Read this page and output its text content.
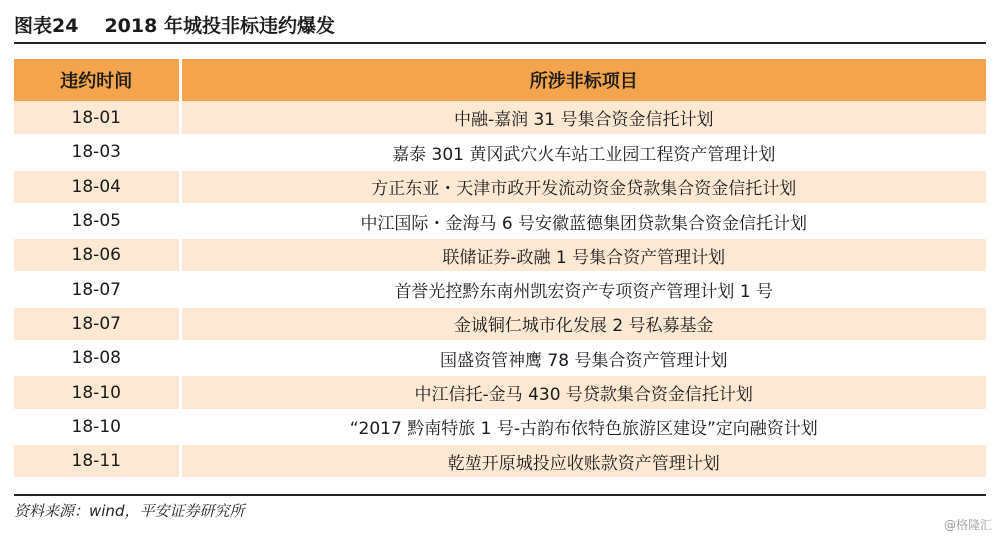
图表24 2018 年城投非标违约爆发
违约时间	所涉非标项目
18-01	中融-嘉润 31 号集合资金信托计划
18-03	嘉泰 301 黄冈武穴火车站工业园工程资产管理计划
18-04	方正东亚・天津市政开发流动资金贷款集合资金信托计划
18-05	中江国际・金海马 6 号安徽蓝德集团贷款集合资金信托计划
18-06	联储证券-政融 1 号集合资产管理计划
18-07	首誉光控黔东南州凯宏资产专项资产管理计划 1 号
18-07	金诚铜仁城市化发展 2 号私募基金
18-08	国盛资管神鹰 78 号集合资产管理计划
18-10	中江信托-金马 430 号贷款集合资金信托计划
18-10	“2017 黔南特旅 1 号-古韵布依特色旅游区建设”定向融资计划
18-11	乾堃开原城投应收账款资产管理计划
资料来源：wind，平安证券研究所
@格隆汇
